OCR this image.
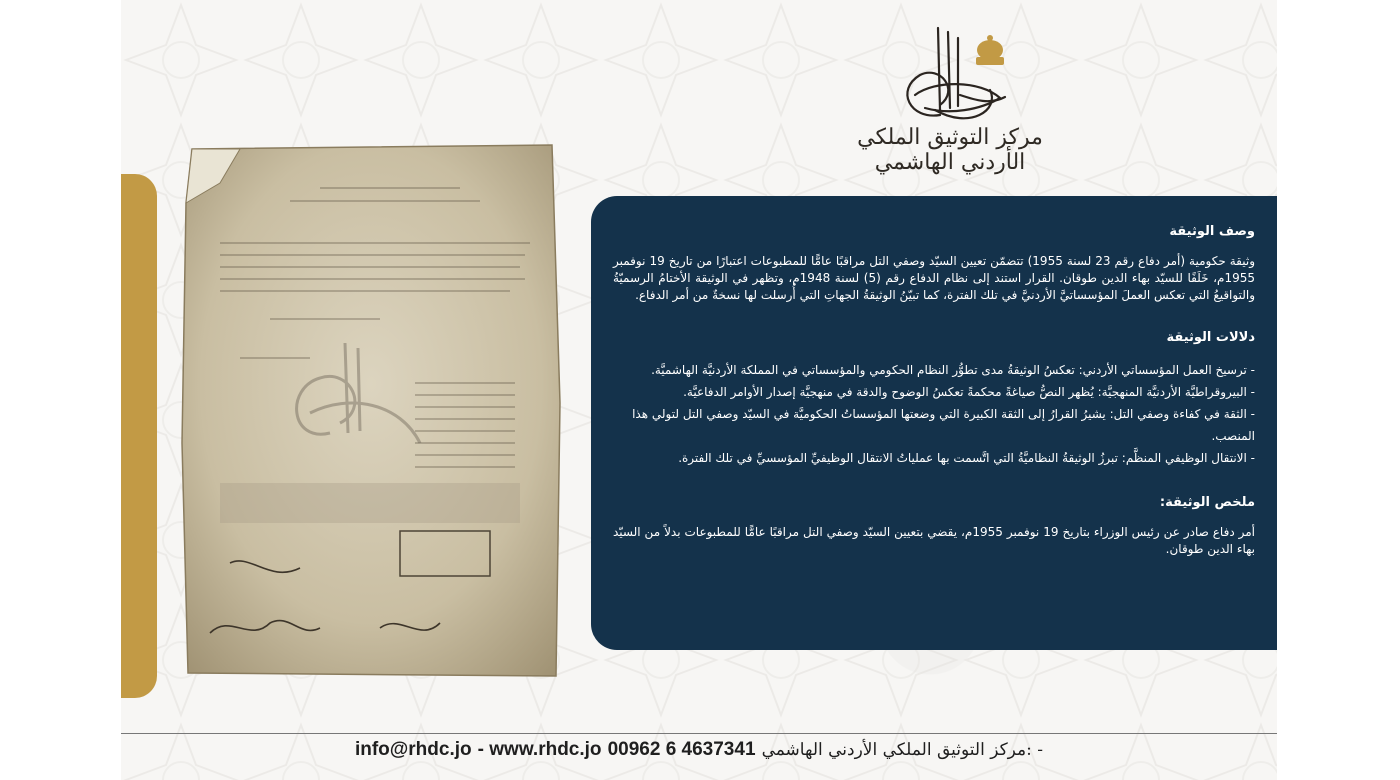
مركز التوثيق الملكي الأردني الهاشمي
وصف الوثيقة

وثيقة حكومية (أمر دفاع رقم 23 لسنة 1955) تتضمّن تعيين السيّد وصفي التل مراقبًا عامًّا للمطبوعات اعتبارًا من تاريخ 19 نوفمبر 1955م، خَلَفًا للسيّد بهاء الدين طوقان. القرار استند إلى نظام الدفاع رقم (5) لسنة 1948م، وتظهر في الوثيقة الأختامُ الرسميّةُ والتواقيعُ التي تعكس العملَ المؤسساتيَّ الأردنيَّ في تلك الفترة، كما تبيّنُ الوثيقةُ الجهاتِ التي أُرسلت لها نسخةٌ من أمر الدفاع.

دلالات الوثيقة
- ترسيخ العمل المؤسساتي الأردني: تعكسُ الوثيقةُ مدى تطوُّر النظام الحكومي والمؤسساتي في المملكة الأردنيَّة الهاشميَّة.
- البيروقراطيَّة الأردنيَّة المنهجيَّة: يُظهر النصُّ صياغةً محكمةً تعكسُ الوضوح والدقة في منهجيَّة إصدار الأوامر الدفاعيَّة.
- الثقة في كفاءة وصفي التل: يشيرُ القرارُ إلى الثقة الكبيرة التي وضعتها المؤسساتُ الحكوميَّة في السيّد وصفي التل لتولي هذا المنصب.
- الانتقال الوظيفي المنظَّم: تبرزُ الوثيقةُ النظاميَّةُ التي اتَّسمت بها عملياتُ الانتقال الوظيفيِّ المؤسسيِّ في تلك الفترة.
ملخص الوثيقة:

أمر دفاع صادر عن رئيس الوزراء بتاريخ 19 نوفمبر 1955م، يقضي بتعيين السيّد وصفي التل مراقبًا عامًّا للمطبوعات بدلاً من السيّد بهاء الدين طوقان.

info@rhdc.jo - www.rhdc.jo 00962 6 4637341 مركز التوثيق الملكي الأردني الهاشمي: -
